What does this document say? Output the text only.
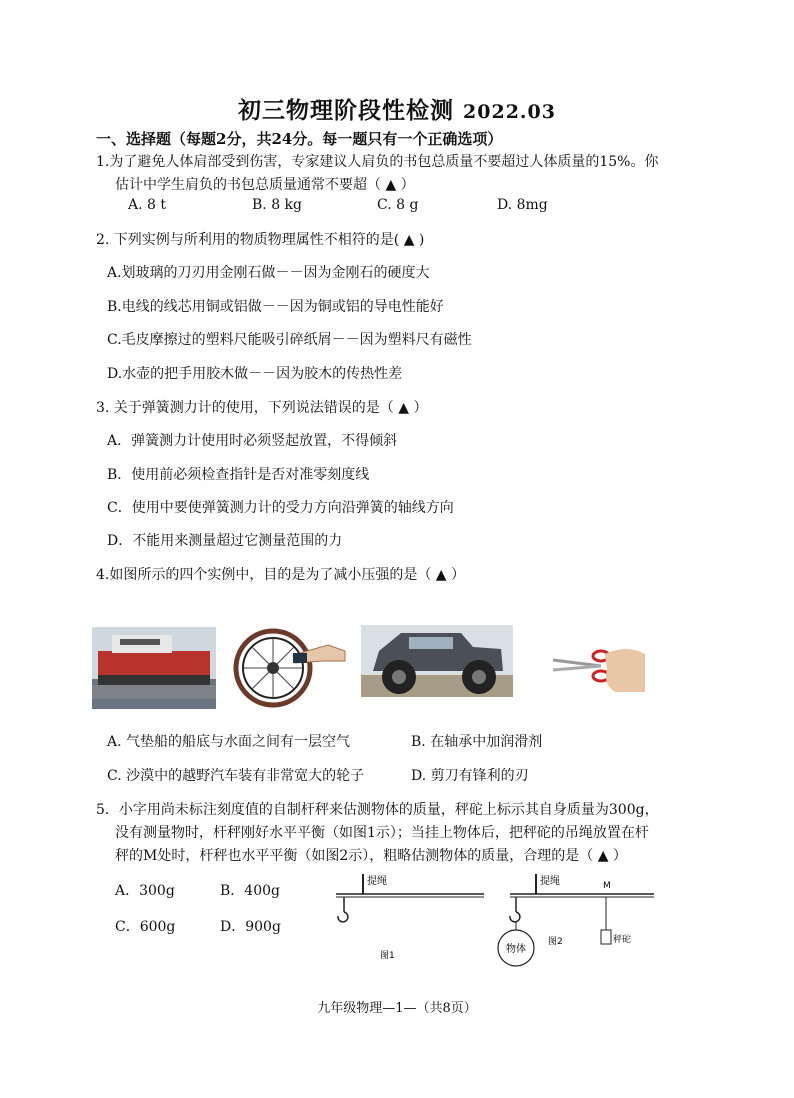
初三物理阶段性检测 2022.03
一、选择题（每题2分，共24分。每一题只有一个正确选项）
1.为了避免人体肩部受到伤害，专家建议人肩负的书包总质量不要超过人体质量的15%。你
估计中学生肩负的书包总质量通常不要超（ ▲ ）
A. 8 t	B. 8 kg	C. 8 g	D. 8mg
2. 下列实例与所利用的物质物理属性不相符的是( ▲ )
A.划玻璃的刀刃用金刚石做－－因为金刚石的硬度大
B.电线的线芯用铜或铝做－－因为铜或铝的导电性能好
C.毛皮摩擦过的塑料尺能吸引碎纸屑－－因为塑料尺有磁性
D.水壶的把手用胶木做－－因为胶木的传热性差
3. 关于弹簧测力计的使用，下列说法错误的是（ ▲ ）
A．弹簧测力计使用时必须竖起放置，不得倾斜
B．使用前必须检查指针是否对准零刻度线
C．使用中要使弹簧测力计的受力方向沿弹簧的轴线方向
D．不能用来测量超过它测量范围的力
4.如图所示的四个实例中，目的是为了减小压强的是（ ▲ ）
A. 气垫船的船底与水面之间有一层空气	B. 在轴承中加润滑剂
C. 沙漠中的越野汽车装有非常宽大的轮子	D. 剪刀有锋利的刃
5．小字用尚未标注刻度值的自制杆秤来估测物体的质量，秤砣上标示其自身质量为300g，
没有测量物时，杆秤刚好水平平衡（如图1示）；当挂上物体后，把秤砣的吊绳放置在杆
秤的M处时，杆秤也水平平衡（如图2示），粗略估测物体的质量，合理的是（ ▲ ）
A．300g	B．400g
C．600g	D．900g
提绳
图1
提绳
物体
M
秤砣
图2
九年级物理—1—（共8页）
